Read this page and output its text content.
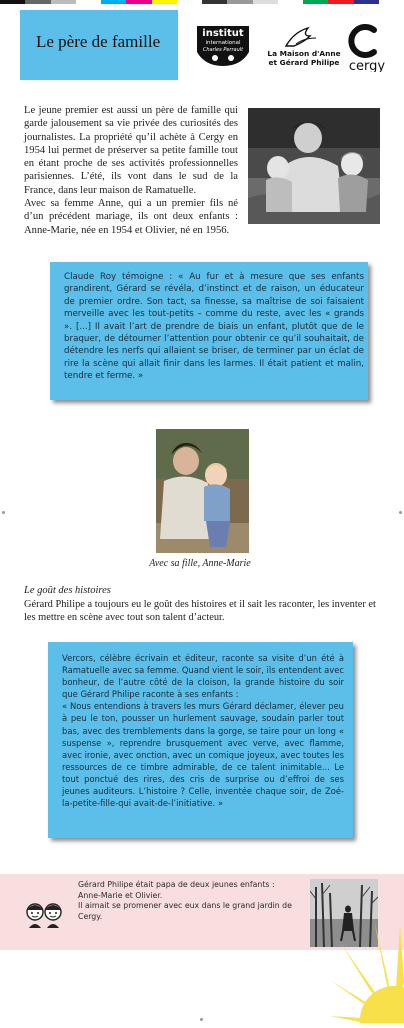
Le père de famille	institut
international
Charles Perrault	La Maison d'Anne
et Gérard Philipe cergy
Le jeune premier est aussi un père de famille qui garde jalousement sa vie privée des curiosités des journalistes. La propriété qu’il achète à Cergy en 1954 lui permet de préserver sa petite famille tout en étant proche de ses activités professionnelles parisiennes. L’été, ils vont dans le sud de la France, dans leur maison de Ramatuelle.
Avec sa femme Anne, qui a un premier fils né d’un précédent mariage, ils ont deux enfants : Anne-Marie, née en 1954 et Olivier, né en 1956.
Claude Roy témoigne : « Au fur et à mesure que ses enfants grandirent, Gérard se révéla, d’instinct et de raison, un éducateur de premier ordre. Son tact, sa finesse, sa maîtrise de soi faisaient merveille avec les tout-petits – comme du reste, avec les « grands ». [...] Il avait l’art de prendre de biais un enfant, plutôt que de le braquer, de détourner l’attention pour obtenir ce qu’il souhaitait, de détendre les nerfs qui allaient se briser, de terminer par un éclat de rire la scène qui allait finir dans les larmes. Il était patient et malin, tendre et ferme. »
Avec sa fille, Anne-Marie
Le goût des histoires
Gérard Philipe a toujours eu le goût des histoires et il sait les raconter, les inventer et les mettre en scène avec tout son talent d’acteur.
Vercors, célèbre écrivain et éditeur, raconte sa visite d’un été à Ramatuelle avec sa femme. Quand vient le soir, ils entendent avec bonheur, de l’autre côté de la cloison, la grande histoire du soir que Gérard Philipe raconte à ses enfants :
« Nous entendions à travers les murs Gérard déclamer, élever peu à peu le ton, pousser un hurlement sauvage, soudain parler tout bas, avec des tremblements dans la gorge, se taire pour un long « suspense », reprendre brusquement avec verve, avec flamme, avec ironie, avec onction, avec un comique joyeux, avec toutes les ressources de ce timbre admirable, de ce talent inimitable... Le tout ponctué des rires, des cris de surprise ou d’effroi de ses jeunes auditeurs. L’histoire ? Celle, inventée chaque soir, de Zoé-la-petite-fille-qui avait-de-l’initiative. »
Gérard Philipe était papa de deux jeunes enfants :
Anne-Marie et Olivier.
Il aimait se promener avec eux dans le grand jardin de Cergy.
